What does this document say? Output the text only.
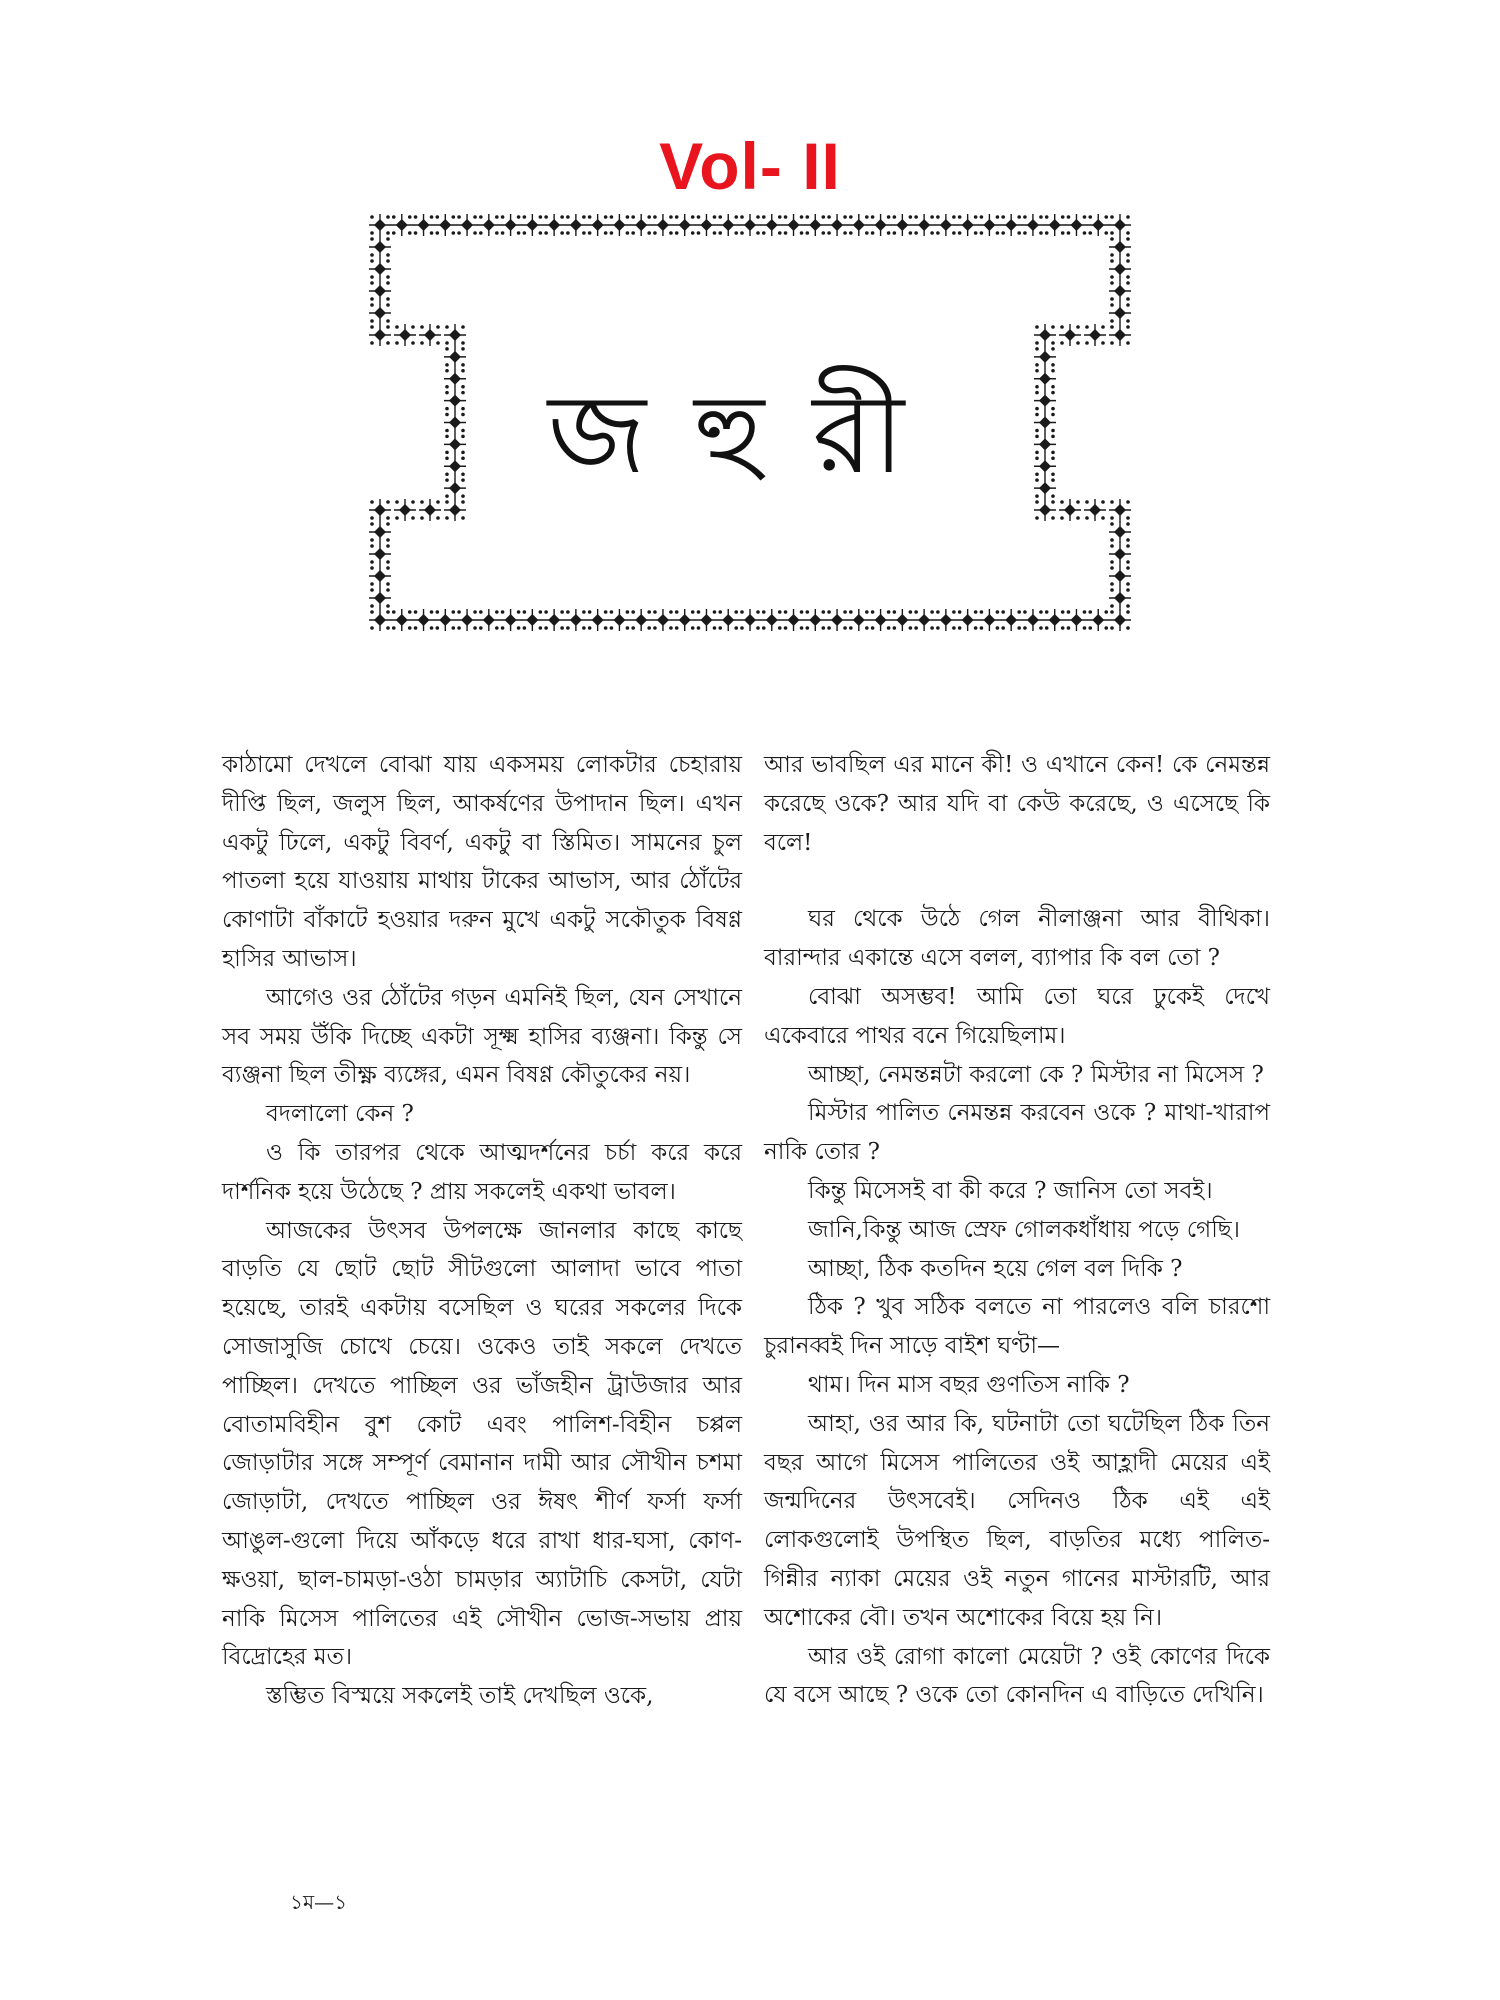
Vol- II
জহুরী

কাঠামো দেখলে বোঝা যায় একসময় লোকটার চেহারায় দীপ্তি ছিল, জলুস ছিল, আকর্ষণের উপাদান ছিল। এখন একটু ঢিলে, একটু বিবর্ণ, একটু বা স্তিমিত। সামনের চুল পাতলা হয়ে যাওয়ায় মাথায় টাকের আভাস, আর ঠোঁটের কোণাটা বাঁকাটে হওয়ার দরুন মুখে একটু সকৌতুক বিষণ্ণ হাসির আভাস।

আগেও ওর ঠোঁটের গড়ন এমনিই ছিল, যেন সেখানে সব সময় উঁকি দিচ্ছে একটা সূক্ষ্ম হাসির ব্যঞ্জনা। কিন্তু সে ব্যঞ্জনা ছিল তীক্ষ্ণ ব্যঙ্গের, এমন বিষণ্ণ কৌতুকের নয়।

বদলালো কেন ?

ও কি তারপর থেকে আত্মদর্শনের চর্চা করে করে দার্শনিক হয়ে উঠেছে ? প্রায় সকলেই একথা ভাবল।

আজকের উৎসব উপলক্ষে জানলার কাছে কাছে বাড়তি যে ছোট ছোট সীটগুলো আলাদা ভাবে পাতা হয়েছে, তারই একটায় বসেছিল ও ঘরের সকলের দিকে সোজাসুজি চোখে চেয়ে। ওকেও তাই সকলে দেখতে পাচ্ছিল। দেখতে পাচ্ছিল ওর ভাঁজহীন ট্রাউজার আর বোতামবিহীন বুশ কোট এবং পালিশ-বিহীন চপ্পল জোড়াটার সঙ্গে সম্পূর্ণ বেমানান দামী আর সৌখীন চশমা জোড়াটা, দেখতে পাচ্ছিল ওর ঈষৎ শীর্ণ ফর্সা ফর্সা আঙুল-গুলো দিয়ে আঁকড়ে ধরে রাখা ধার-ঘসা, কোণ-ক্ষওয়া, ছাল-চামড়া-ওঠা চামড়ার অ্যাটাচি কেসটা, যেটা নাকি মিসেস পালিতের এই সৌখীন ভোজ-সভায় প্রায় বিদ্রোহের মত।

স্তম্ভিত বিস্ময়ে সকলেই তাই দেখছিল ওকে,

আর ভাবছিল এর মানে কী! ও এখানে কেন! কে নেমন্তন্ন করেছে ওকে? আর যদি বা কেউ করেছে, ও এসেছে কি বলে!

ঘর থেকে উঠে গেল নীলাঞ্জনা আর বীথিকা। বারান্দার একান্তে এসে বলল, ব্যাপার কি বল তো ?

বোঝা অসম্ভব! আমি তো ঘরে ঢুকেই দেখে একেবারে পাথর বনে গিয়েছিলাম।

আচ্ছা, নেমন্তন্নটা করলো কে ? মিস্টার না মিসেস ?

মিস্টার পালিত নেমন্তন্ন করবেন ওকে ? মাথা-খারাপ নাকি তোর ?

কিন্তু মিসেসই বা কী করে ? জানিস তো সবই।

জানি,কিন্তু আজ স্রেফ গোলকধাঁধায় পড়ে গেছি।

আচ্ছা, ঠিক কতদিন হয়ে গেল বল দিকি ?

ঠিক ? খুব সঠিক বলতে না পারলেও বলি চারশো চুরানব্বই দিন সাড়ে বাইশ ঘণ্টা—

থাম। দিন মাস বছর গুণতিস নাকি ?

আহা, ওর আর কি, ঘটনাটা তো ঘটেছিল ঠিক তিন বছর আগে মিসেস পালিতের ওই আহ্লাদী মেয়ের এই জন্মদিনের উৎসবেই। সেদিনও ঠিক এই এই লোকগুলোই উপস্থিত ছিল, বাড়তির মধ্যে পালিত-গিন্নীর ন্যাকা মেয়ের ওই নতুন গানের মাস্টারটি, আর অশোকের বৌ। তখন অশোকের বিয়ে হয় নি।

আর ওই রোগা কালো মেয়েটা ? ওই কোণের দিকে যে বসে আছে ? ওকে তো কোনদিন এ বাড়িতে দেখিনি।

১ম—১
